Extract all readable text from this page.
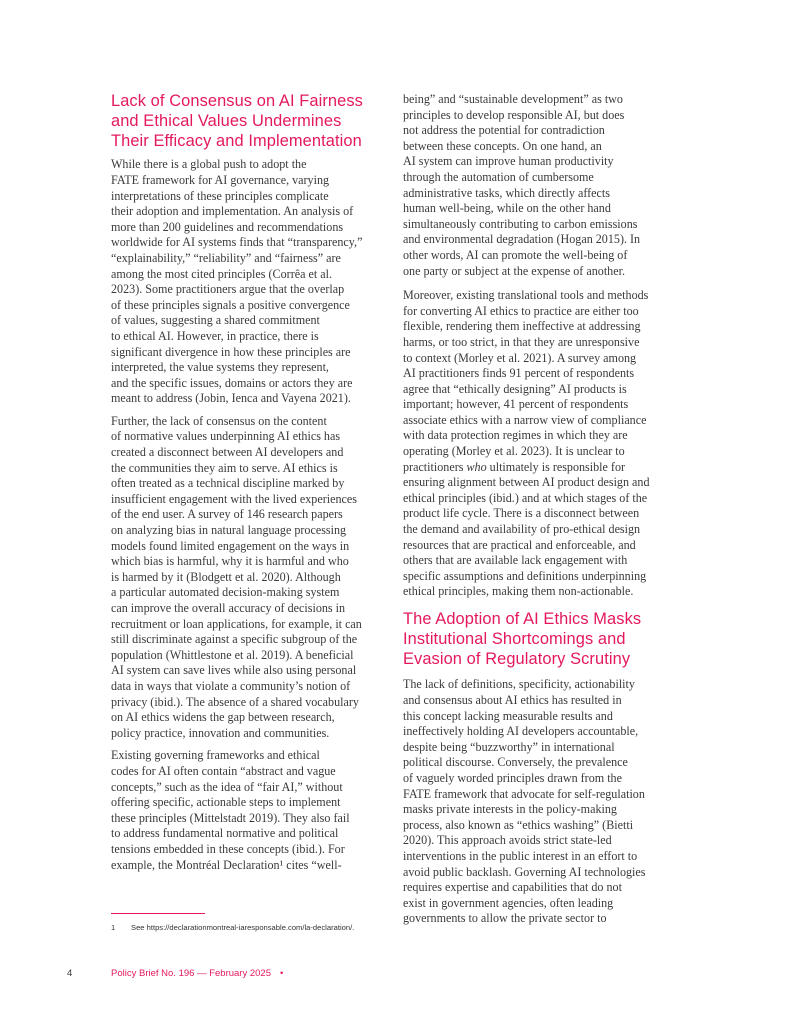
Lack of Consensus on AI Fairness
and Ethical Values Undermines
Their Efficacy and Implementation
While there is a global push to adopt the
FATE framework for AI governance, varying
interpretations of these principles complicate
their adoption and implementation. An analysis of
more than 200 guidelines and recommendations
worldwide for AI systems finds that “transparency,”
“explainability,” “reliability” and “fairness” are
among the most cited principles (Corrêa et al.
2023). Some practitioners argue that the overlap
of these principles signals a positive convergence
of values, suggesting a shared commitment
to ethical AI. However, in practice, there is
significant divergence in how these principles are
interpreted, the value systems they represent,
and the specific issues, domains or actors they are
meant to address (Jobin, Ienca and Vayena 2021).
Further, the lack of consensus on the content
of normative values underpinning AI ethics has
created a disconnect between AI developers and
the communities they aim to serve. AI ethics is
often treated as a technical discipline marked by
insufficient engagement with the lived experiences
of the end user. A survey of 146 research papers
on analyzing bias in natural language processing
models found limited engagement on the ways in
which bias is harmful, why it is harmful and who
is harmed by it (Blodgett et al. 2020). Although
a particular automated decision-making system
can improve the overall accuracy of decisions in
recruitment or loan applications, for example, it can
still discriminate against a specific subgroup of the
population (Whittlestone et al. 2019). A beneficial
AI system can save lives while also using personal
data in ways that violate a community’s notion of
privacy (ibid.). The absence of a shared vocabulary
on AI ethics widens the gap between research,
policy practice, innovation and communities.
Existing governing frameworks and ethical
codes for AI often contain “abstract and vague
concepts,” such as the idea of “fair AI,” without
offering specific, actionable steps to implement
these principles (Mittelstadt 2019). They also fail
to address fundamental normative and political
tensions embedded in these concepts (ibid.). For
example, the Montréal Declaration¹ cites “well-
being” and “sustainable development” as two
principles to develop responsible AI, but does
not address the potential for contradiction
between these concepts. On one hand, an
AI system can improve human productivity
through the automation of cumbersome
administrative tasks, which directly affects
human well-being, while on the other hand
simultaneously contributing to carbon emissions
and environmental degradation (Hogan 2015). In
other words, AI can promote the well-being of
one party or subject at the expense of another.
Moreover, existing translational tools and methods
for converting AI ethics to practice are either too
flexible, rendering them ineffective at addressing
harms, or too strict, in that they are unresponsive
to context (Morley et al. 2021). A survey among
AI practitioners finds 91 percent of respondents
agree that “ethically designing” AI products is
important; however, 41 percent of respondents
associate ethics with a narrow view of compliance
with data protection regimes in which they are
operating (Morley et al. 2023). It is unclear to
practitioners who ultimately is responsible for
ensuring alignment between AI product design and
ethical principles (ibid.) and at which stages of the
product life cycle. There is a disconnect between
the demand and availability of pro-ethical design
resources that are practical and enforceable, and
others that are available lack engagement with
specific assumptions and definitions underpinning
ethical principles, making them non-actionable.
The Adoption of AI Ethics Masks
Institutional Shortcomings and
Evasion of Regulatory Scrutiny
The lack of definitions, specificity, actionability
and consensus about AI ethics has resulted in
this concept lacking measurable results and
ineffectively holding AI developers accountable,
despite being “buzzworthy” in international
political discourse. Conversely, the prevalence
of vaguely worded principles drawn from the
FATE framework that advocate for self-regulation
masks private interests in the policy-making
process, also known as “ethics washing” (Bietti
2020). This approach avoids strict state-led
interventions in the public interest in an effort to
avoid public backlash. Governing AI technologies
requires expertise and capabilities that do not
exist in government agencies, often leading
governments to allow the private sector to
1 See https://declarationmontreal-iaresponsable.com/la-declaration/.
4	Policy Brief No. 196 — February 2025 •
